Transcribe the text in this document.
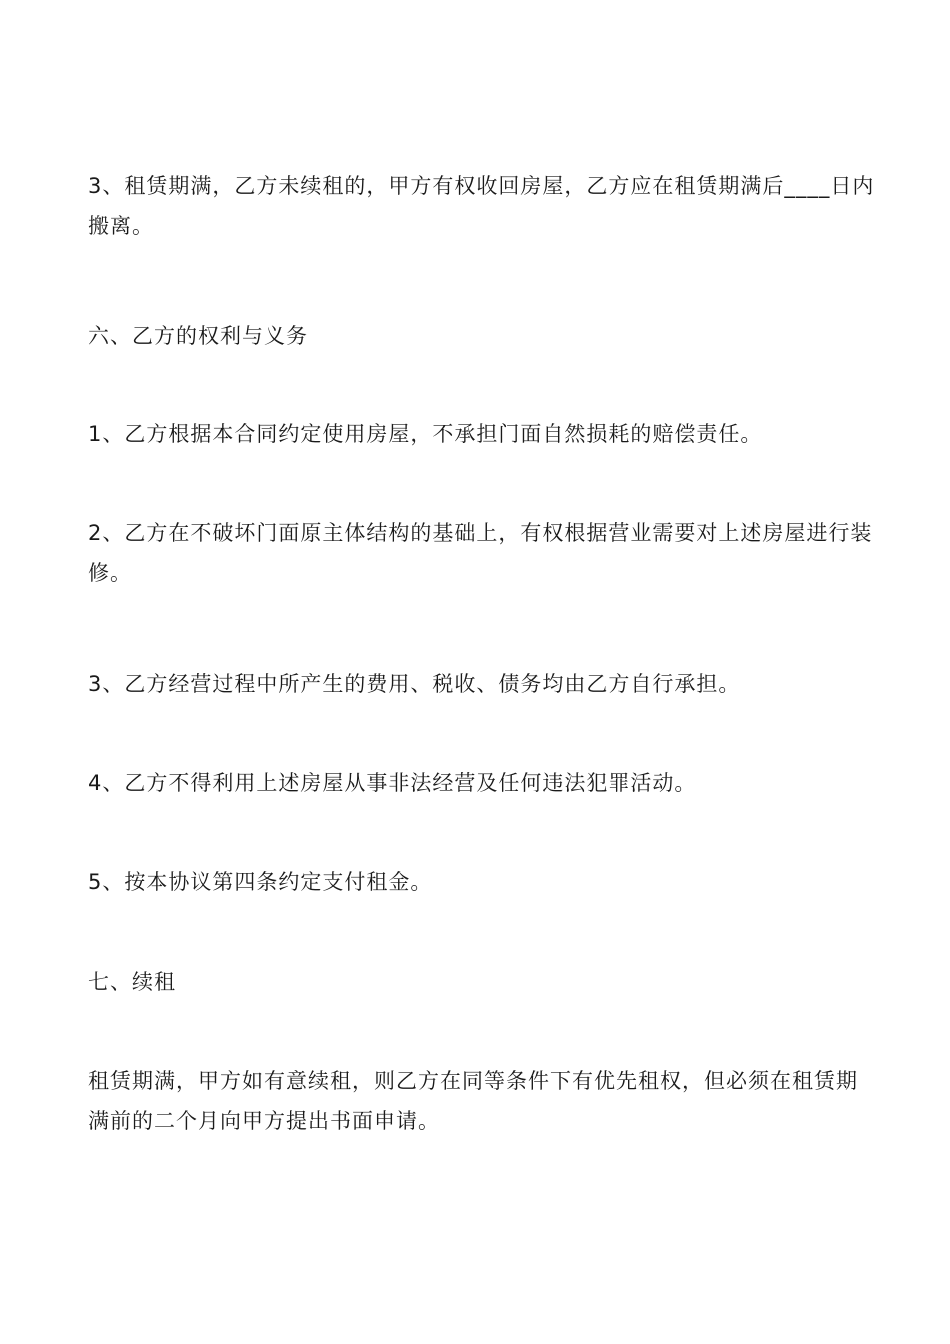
3、租赁期满，乙方未续租的，甲方有权收回房屋，乙方应在租赁期满后____日内搬离。

六、乙方的权利与义务

1、乙方根据本合同约定使用房屋，不承担门面自然损耗的赔偿责任。

2、乙方在不破坏门面原主体结构的基础上，有权根据营业需要对上述房屋进行装修。

3、乙方经营过程中所产生的费用、税收、债务均由乙方自行承担。

4、乙方不得利用上述房屋从事非法经营及任何违法犯罪活动。

5、按本协议第四条约定支付租金。

七、续租

租赁期满，甲方如有意续租，则乙方在同等条件下有优先租权，但必须在租赁期满前的二个月向甲方提出书面申请。
